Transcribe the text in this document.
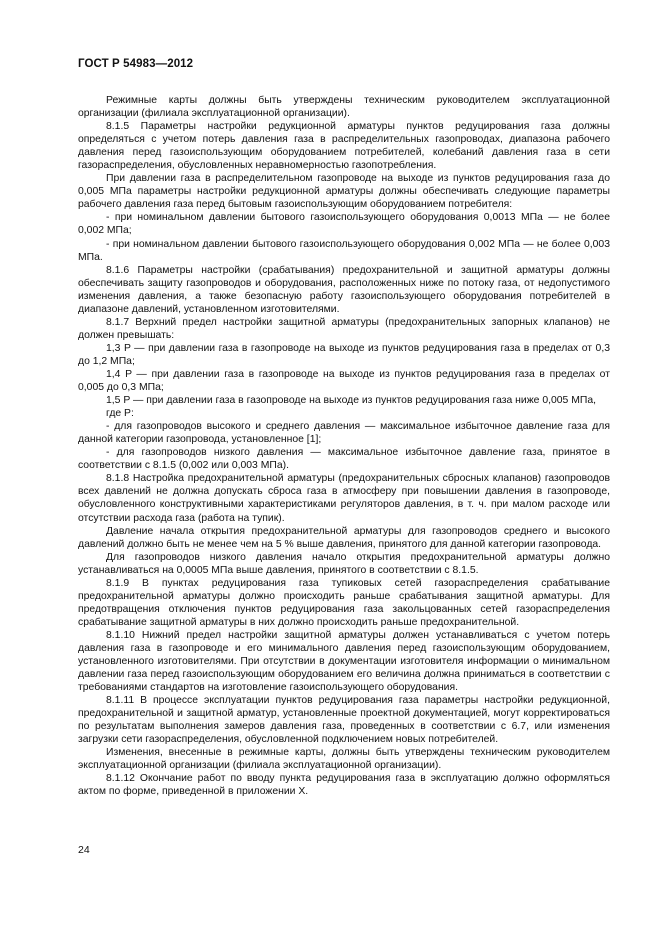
ГОСТ Р 54983—2012

Режимные карты должны быть утверждены техническим руководителем эксплуатационной организации (филиала эксплуатационной организации).

8.1.5 Параметры настройки редукционной арматуры пунктов редуцирования газа должны определяться с учетом потерь давления газа в распределительных газопроводах, диапазона рабочего давления перед газоиспользующим оборудованием потребителей, колебаний давления газа в сети газораспределения, обусловленных неравномерностью газопотребления.

При давлении газа в распределительном газопроводе на выходе из пунктов редуцирования газа до 0,005 МПа параметры настройки редукционной арматуры должны обеспечивать следующие параметры рабочего давления газа перед бытовым газоиспользующим оборудованием потребителя:

- при номинальном давлении бытового газоиспользующего оборудования 0,0013 МПа — не более 0,002 МПа;

- при номинальном давлении бытового газоиспользующего оборудования 0,002 МПа — не более 0,003 МПа.

8.1.6 Параметры настройки (срабатывания) предохранительной и защитной арматуры должны обеспечивать защиту газопроводов и оборудования, расположенных ниже по потоку газа, от недопустимого изменения давления, а также безопасную работу газоиспользующего оборудования потребителей в диапазоне давлений, установленном изготовителями.

8.1.7 Верхний предел настройки защитной арматуры (предохранительных запорных клапанов) не должен превышать:

1,3 P — при давлении газа в газопроводе на выходе из пунктов редуцирования газа в пределах от 0,3 до 1,2 МПа;

1,4 P — при давлении газа в газопроводе на выходе из пунктов редуцирования газа в пределах от 0,005 до 0,3 МПа;

1,5 P — при давлении газа в газопроводе на выходе из пунктов редуцирования газа ниже 0,005 МПа,

где P:

- для газопроводов высокого и среднего давления — максимальное избыточное давление газа для данной категории газопровода, установленное [1];

- для газопроводов низкого давления — максимальное избыточное давление газа, принятое в соответствии с 8.1.5 (0,002 или 0,003 МПа).

8.1.8 Настройка предохранительной арматуры (предохранительных сбросных клапанов) газопроводов всех давлений не должна допускать сброса газа в атмосферу при повышении давления в газопроводе, обусловленного конструктивными характеристиками регуляторов давления, в т. ч. при малом расходе или отсутствии расхода газа (работа на тупик).

Давление начала открытия предохранительной арматуры для газопроводов среднего и высокого давлений должно быть не менее чем на 5 % выше давления, принятого для данной категории газопровода.

Для газопроводов низкого давления начало открытия предохранительной арматуры должно устанавливаться на 0,0005 МПа выше давления, принятого в соответствии с 8.1.5.

8.1.9 В пунктах редуцирования газа тупиковых сетей газораспределения срабатывание предохранительной арматуры должно происходить раньше срабатывания защитной арматуры. Для предотвращения отключения пунктов редуцирования газа закольцованных сетей газораспределения срабатывание защитной арматуры в них должно происходить раньше предохранительной.

8.1.10 Нижний предел настройки защитной арматуры должен устанавливаться с учетом потерь давления газа в газопроводе и его минимального давления перед газоиспользующим оборудованием, установленного изготовителями. При отсутствии в документации изготовителя информации о минимальном давлении газа перед газоиспользующим оборудованием его величина должна приниматься в соответствии с требованиями стандартов на изготовление газоиспользующего оборудования.

8.1.11 В процессе эксплуатации пунктов редуцирования газа параметры настройки редукционной, предохранительной и защитной арматур, установленные проектной документацией, могут корректироваться по результатам выполнения замеров давления газа, проведенных в соответствии с 6.7, или изменения загрузки сети газораспределения, обусловленной подключением новых потребителей.

Изменения, внесенные в режимные карты, должны быть утверждены техническим руководителем эксплуатационной организации (филиала эксплуатационной организации).

8.1.12 Окончание работ по вводу пункта редуцирования газа в эксплуатацию должно оформляться актом по форме, приведенной в приложении Х.

24
